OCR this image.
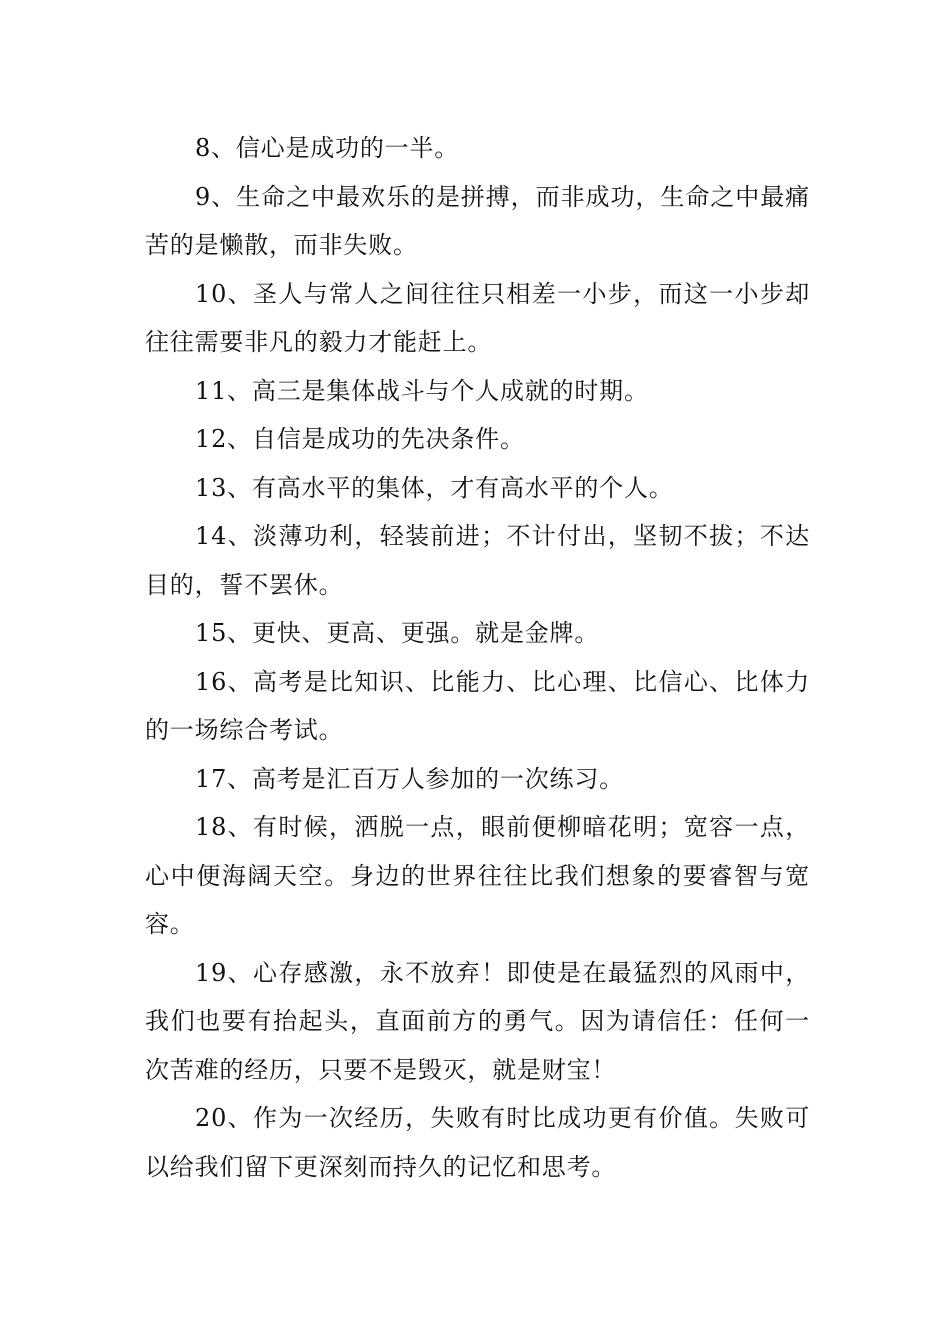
8、信心是成功的一半。

9、生命之中最欢乐的是拼搏，而非成功，生命之中最痛苦的是懒散，而非失败。

10、圣人与常人之间往往只相差一小步，而这一小步却往往需要非凡的毅力才能赶上。

11、高三是集体战斗与个人成就的时期。

12、自信是成功的先决条件。

13、有高水平的集体，才有高水平的个人。

14、淡薄功利，轻装前进；不计付出，坚韧不拔；不达目的，誓不罢休。

15、更快、更高、更强。就是金牌。

16、高考是比知识、比能力、比心理、比信心、比体力的一场综合考试。

17、高考是汇百万人参加的一次练习。

18、有时候，洒脱一点，眼前便柳暗花明；宽容一点，心中便海阔天空。身边的世界往往比我们想象的要睿智与宽容。

19、心存感激，永不放弃！即使是在最猛烈的风雨中，我们也要有抬起头，直面前方的勇气。因为请信任：任何一次苦难的经历，只要不是毁灭，就是财宝！

20、作为一次经历，失败有时比成功更有价值。失败可以给我们留下更深刻而持久的记忆和思考。
